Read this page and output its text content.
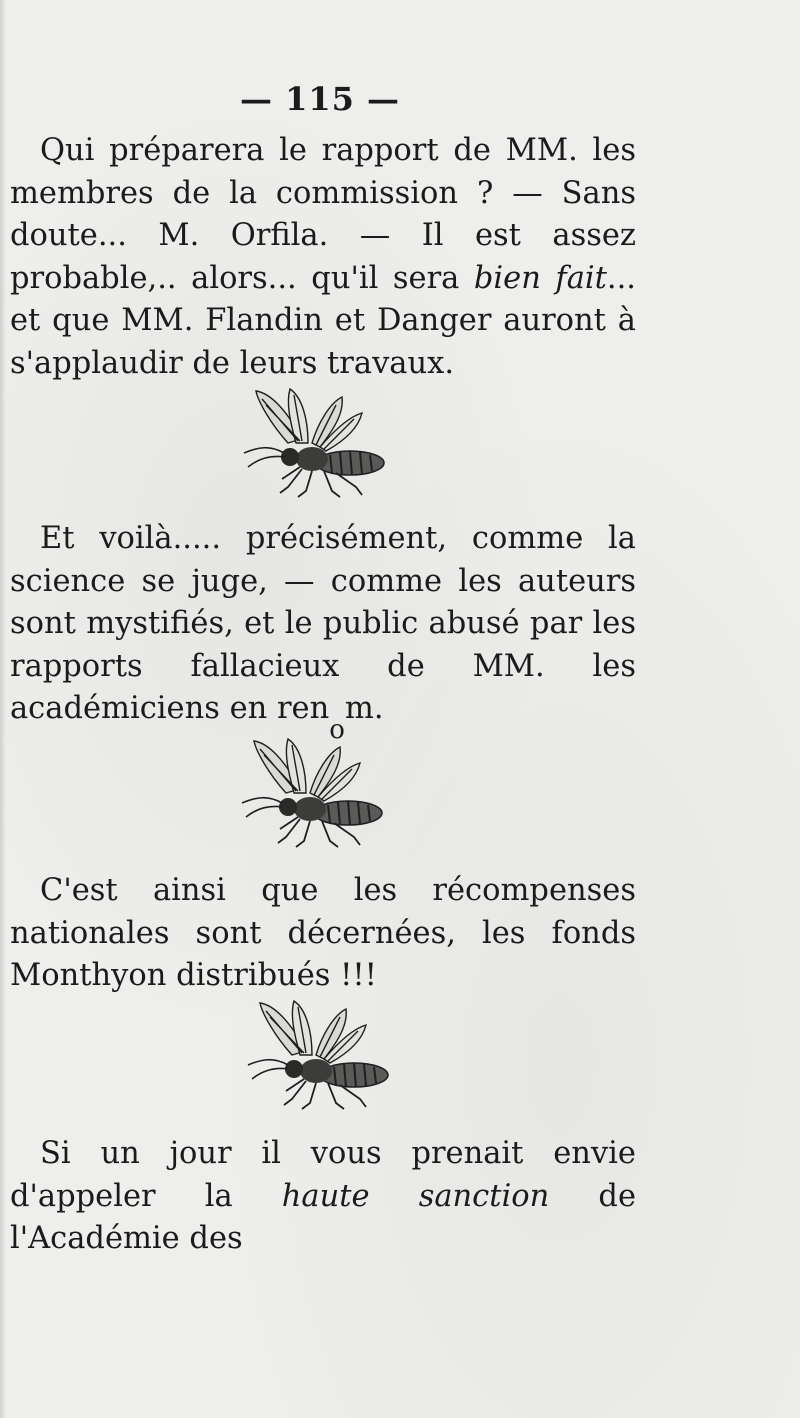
— 115 —

Qui préparera le rapport de MM. les membres de la commission ? — Sans doute... M. Orfila. — Il est assez probable,.. alors... qu'il sera bien fait... et que MM. Flandin et Danger auront à s'applaudir de leurs travaux.

Et voilà..... précisément, comme la science se juge, — comme les auteurs sont mystifiés, et le public abusé par les rapports fallacieux de MM. les académiciens en renom.

C'est ainsi que les récompenses nationales sont décernées, les fonds Monthyon distribués !!!

Si un jour il vous prenait envie d'appeler la haute sanction de l'Académie des
